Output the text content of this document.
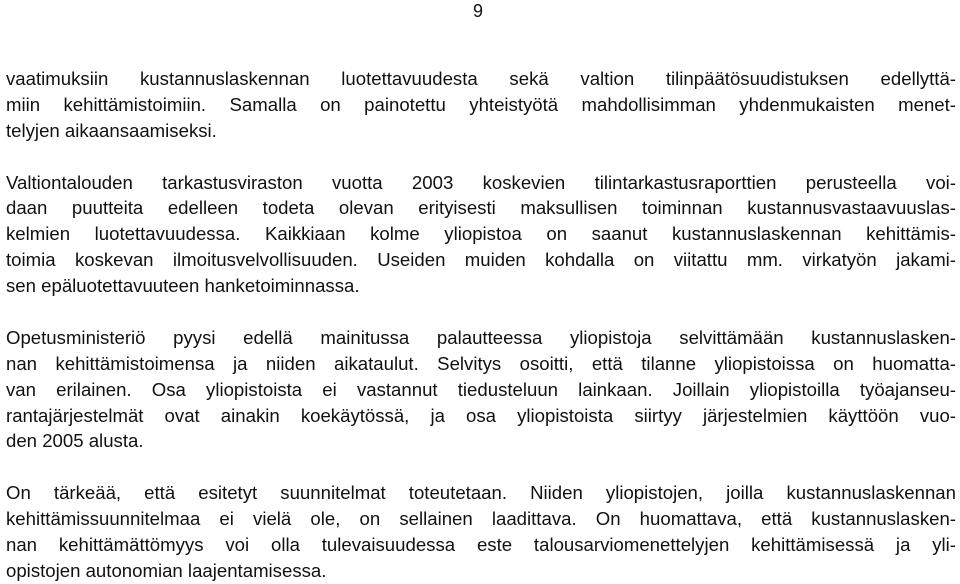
9
vaatimuksiin kustannuslaskennan luotettavuudesta sekä valtion tilinpäätösuudistuksen edellyttä-
miin kehittämistoimiin. Samalla on painotettu yhteistyötä mahdollisimman yhdenmukaisten menet-
telyjen aikaansaamiseksi.
Valtiontalouden tarkastusviraston vuotta 2003 koskevien tilintarkastusraporttien perusteella voi-
daan puutteita edelleen todeta olevan erityisesti maksullisen toiminnan kustannusvastaavuuslas-
kelmien luotettavuudessa. Kaikkiaan kolme yliopistoa on saanut kustannuslaskennan kehittämis-
toimia koskevan ilmoitusvelvollisuuden. Useiden muiden kohdalla on viitattu mm. virkatyön jakami-
sen epäluotettavuuteen hanketoiminnassa.
Opetusministeriö pyysi edellä mainitussa palautteessa yliopistoja selvittämään kustannuslasken-
nan kehittämistoimensa ja niiden aikataulut. Selvitys osoitti, että tilanne yliopistoissa on huomatta-
van erilainen. Osa yliopistoista ei vastannut tiedusteluun lainkaan. Joillain yliopistoilla työajanseu-
rantajärjestelmät ovat ainakin koekäytössä, ja osa yliopistoista siirtyy järjestelmien käyttöön vuo-
den 2005 alusta.
On tärkeää, että esitetyt suunnitelmat toteutetaan. Niiden yliopistojen, joilla kustannuslaskennan
kehittämissuunnitelmaa ei vielä ole, on sellainen laadittava. On huomattava, että kustannuslasken-
nan kehittämättömyys voi olla tulevaisuudessa este talousarviomenettelyjen kehittämisessä ja yli-
opistojen autonomian laajentamisessa.
